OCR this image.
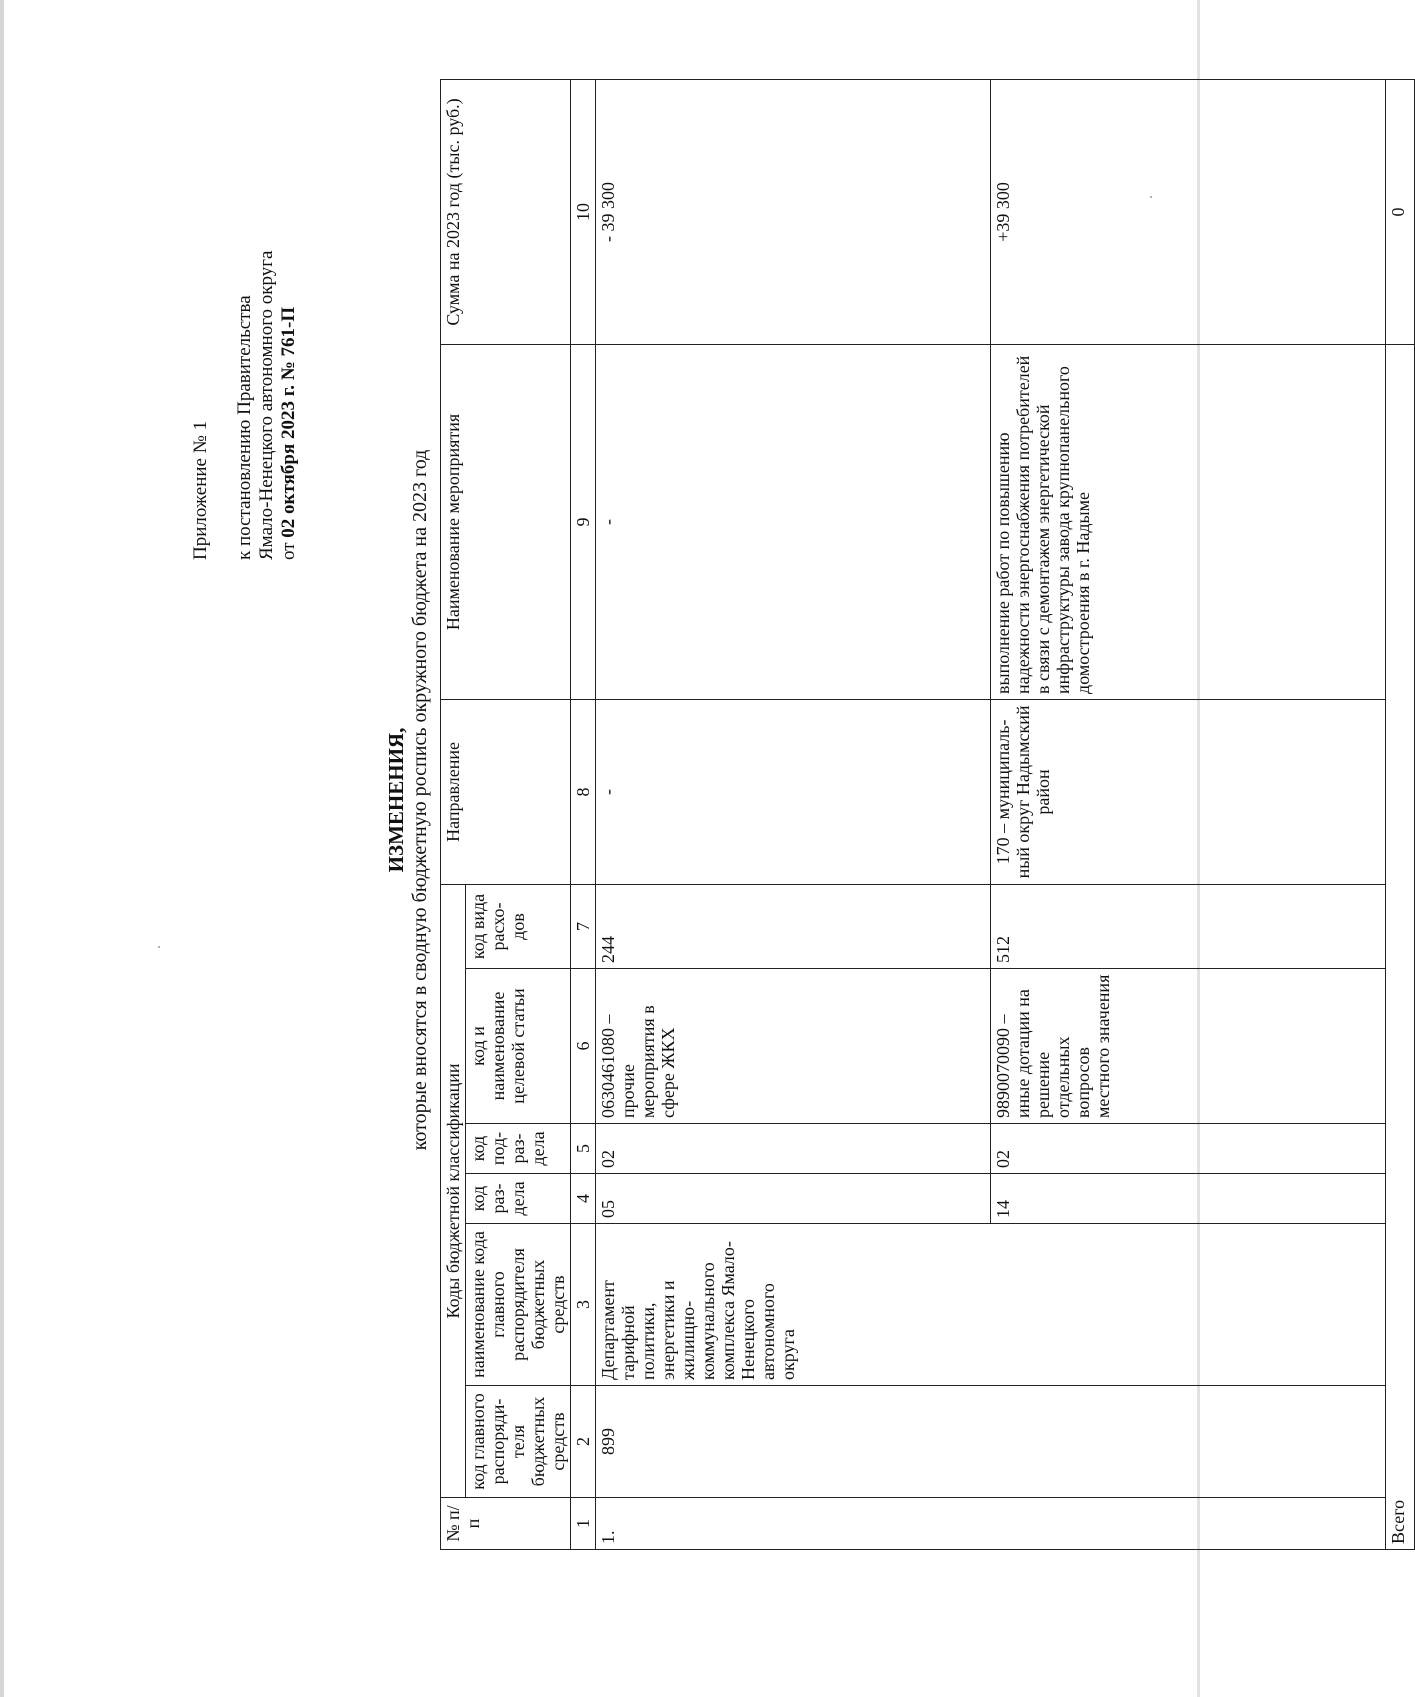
Приложение № 1 к постановлению Правительства Ямало-Ненецкого автономного округа от 02 октября 2023 г. № 761-П
ИЗМЕНЕНИЯ, которые вносятся в сводную бюджетную роспись окружного бюджета на 2023 год
№ п/п	Коды бюджетной классификации						Направление	Наименование мероприятия	Сумма на 2023 год (тыс. руб.)
	код главного распоряди-теля бюджетных средств	наименование кода главного распорядителя бюджетных средств	код раз-дела	код под-раз-дела	код и наименование целевой статьи	код вида расхо-дов			
1	2	3	4	5	6	7	8	9	10
1.	899	Департамент тарифной политики, энергетики и жилищно-коммунального комплекса Ямало-Ненецкого автономного округа	05	02	0630461080 – прочие мероприятия в сфере ЖКХ	244	-	-	- 39 300
			14	02	9890070090 – иные дотации на решение отдельных вопросов местного значения	512	170 – муниципаль-ный округ Надымский район	выполнение работ по повышению надежности энергоснабжения потребителей в связи с демонтажем энергетической инфраструктуры завода крупнопанельного домостроения в г. Надыме	+39 300
Всего									0
